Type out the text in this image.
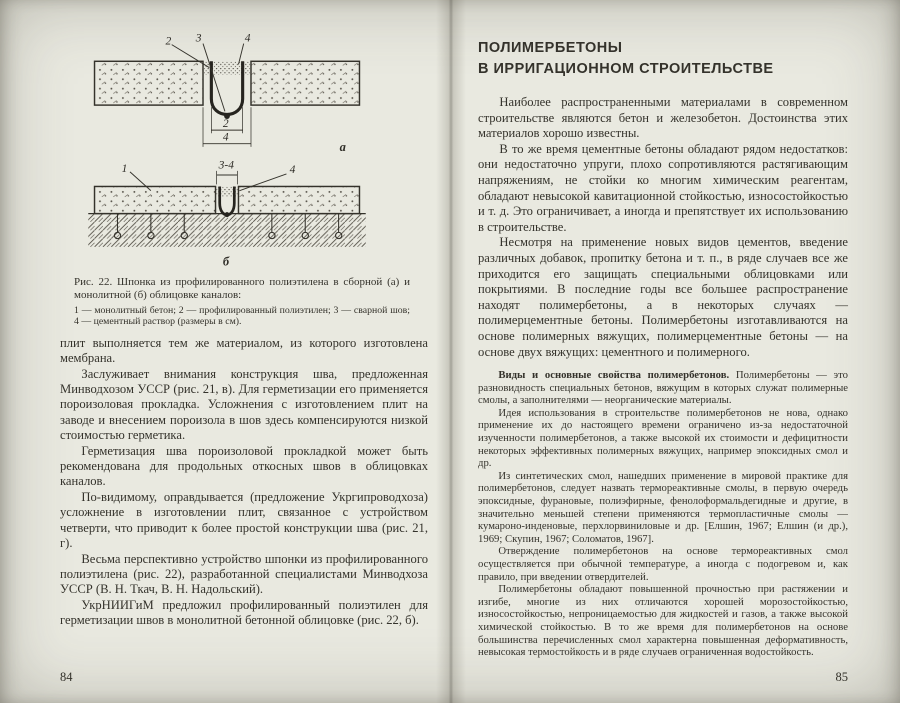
2 3	4
2
4
а
3-4
1	4
б

Рис. 22. Шпонка из профилированного полиэтилена в сборной (а) и монолитной (б) облицовке каналов:

1 — монолитный бетон; 2 — профилированный полиэтилен; 3 — сварной шов; 4 — цементный раствор (размеры в см).

плит выполняется тем же материалом, из которого изготовлена мембрана.

Заслуживает внимания конструкция шва, предложенная Минводхозом УССР (рис. 21, в). Для герметизации его применяется пороизоловая прокладка. Усложнения с изготовлением плит на заводе и внесением пороизола в шов здесь компенсируются низкой стоимостью герметика.

Герметизация шва пороизоловой прокладкой может быть рекомендована для продольных откосных швов в облицовках каналов.

По-видимому, оправдывается (предложение Укргипроводхоза) усложнение в изготовлении плит, связанное с устройством четверти, что приводит к более простой конструкции шва (рис. 21, г).

Весьма перспективно устройство шпонки из профилированного полиэтилена (рис. 22), разработанной специалистами Минводхоза УССР (В. Н. Ткач, В. Н. Надольский).

УкрНИИГиМ предложил профилированный полиэтилен для герметизации швов в монолитной бетонной облицовке (рис. 22, б).

84
ПОЛИМЕРБЕТОНЫ
В ИРРИГАЦИОННОМ СТРОИТЕЛЬСТВЕ

Наиболее распространенными материалами в современном строительстве являются бетон и железобетон. Достоинства этих материалов хорошо известны.

В то же время цементные бетоны обладают рядом недостатков: они недостаточно упруги, плохо сопротивляются растягивающим напряжениям, не стойки ко многим химическим реагентам, обладают невысокой кавитационной стойкостью, износостойкостью и т. д. Это ограничивает, а иногда и препятствует их использованию в строительстве.

Несмотря на применение новых видов цементов, введение различных добавок, пропитку бетона и т. п., в ряде случаев все же приходится его защищать специальными облицовками или покрытиями. В последние годы все большее распространение находят полимербетоны, а в некоторых случаях — полимерцементные бетоны. Полимербетоны изготавливаются на основе полимерных вяжущих, полимерцементные бетоны — на основе двух вяжущих: цементного и полимерного.

Виды и основные свойства полимербетонов. Полимербетоны — это разновидность специальных бетонов, вяжущим в которых служат полимерные смолы, а заполнителями — неорганические материалы.

Идея использования в строительстве полимербетонов не нова, однако применение их до настоящего времени ограничено из-за недостаточной изученности полимербетонов, а также высокой их стоимости и дефицитности некоторых эффективных полимерных вяжущих, например эпоксидных смол и др.

Из синтетических смол, нашедших применение в мировой практике для полимербетонов, следует назвать термореактивные смолы, в первую очередь эпоксидные, фурановые, полиэфирные, фенолоформальдегидные и другие, в значительно меньшей степени применяются термопластичные смолы — кумароно-инденовые, перхлорвиниловые и др. [Елшин, 1967; Елшин (и др.), 1969; Скупин, 1967; Соломатов, 1967].

Отверждение полимербетонов на основе термореактивных смол осуществляется при обычной температуре, а иногда с подогревом и, как правило, при введении отвердителей.

Полимербетоны обладают повышенной прочностью при растяжении и изгибе, многие из них отличаются хорошей морозостойкостью, износостойкостью, непроницаемостью для жидкостей и газов, а также высокой химической стойкостью. В то же время для полимербетонов на основе большинства перечисленных смол характерна повышенная деформативность, невысокая термостойкость и в ряде случаев ограниченная водостойкость.

85
